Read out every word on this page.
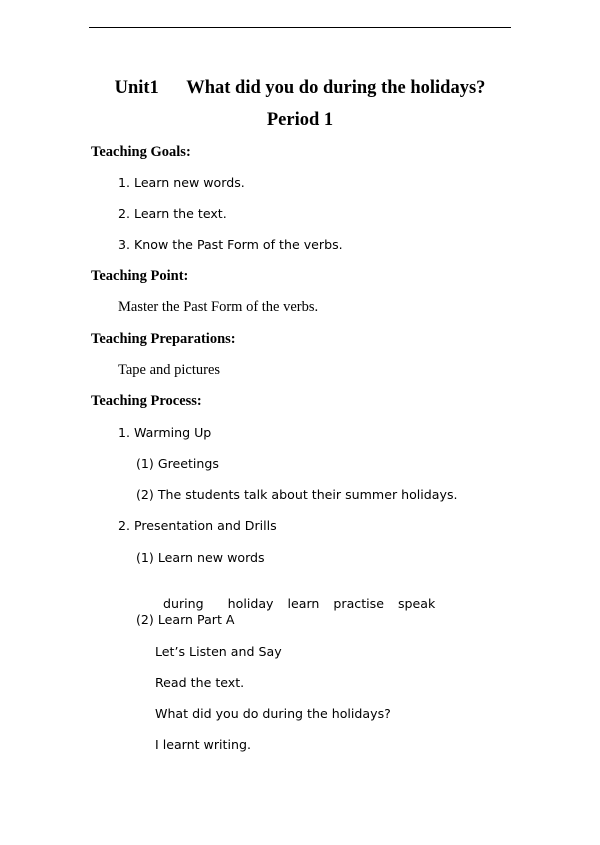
Unit1 What did you do during the holidays?
Period 1
Teaching Goals:
1. Learn new words.
2. Learn the text.
3. Know the Past Form of the verbs.
Teaching Point:
Master the Past Form of the verbs.
Teaching Preparations:
Tape and pictures
Teaching Process:
1. Warming Up
(1) Greetings
(2) The students talk about their summer holidays.
2. Presentation and Drills
(1) Learn new words

during holiday learn practise speak

(2) Learn Part A
Let’s Listen and Say
Read the text.
What did you do during the holidays?
I learnt writing.
